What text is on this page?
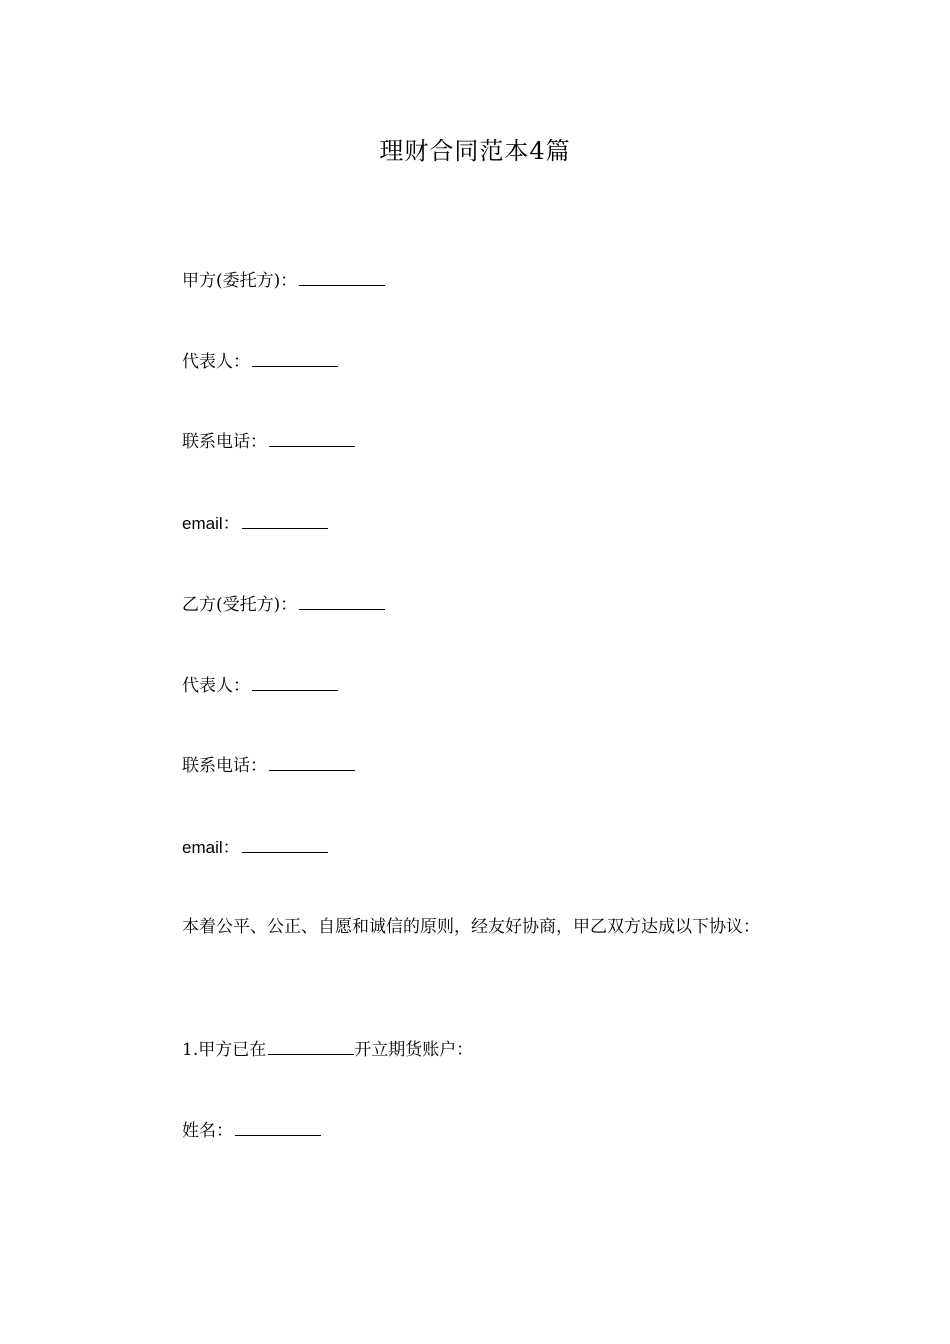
理财合同范本4篇
甲方(委托方)：
代表人：
联系电话：
email：
乙方(受托方)：
代表人：
联系电话：
email：
本着公平、公正、自愿和诚信的原则，经友好协商，甲乙双方达成以下协议：
1.甲方已在	开立期货账户：
姓名：
